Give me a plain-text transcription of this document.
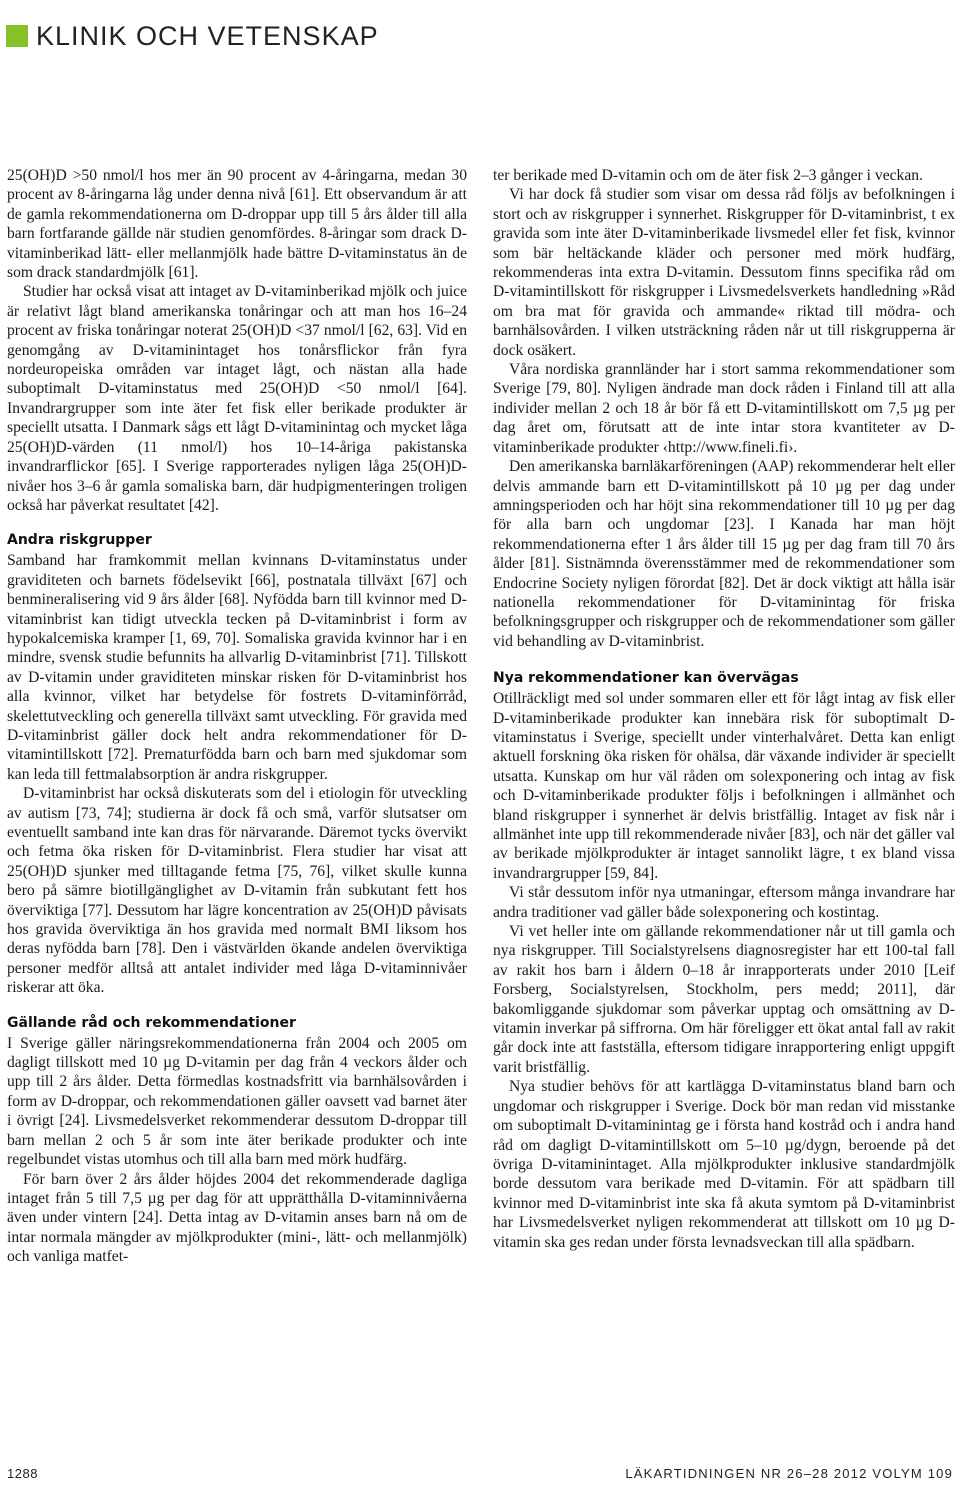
KLINIK OCH VETENSKAP

25(OH)D >50 nmol/l hos mer än 90 procent av 4-åringarna, medan 30 procent av 8-åringarna låg under denna nivå [61]. Ett observandum är att de gamla rekommendationerna om D-droppar upp till 5 års ålder till alla barn fortfarande gällde när studien genomfördes. 8-åringar som drack D-vitaminberikad lätt- eller mellanmjölk hade bättre D-vitaminstatus än de som drack standardmjölk [61].

Studier har också visat att intaget av D-vitaminberikad mjölk och juice är relativt lågt bland amerikanska tonåringar och att man hos 16–24 procent av friska tonåringar noterat 25(OH)D <37 nmol/l [62, 63]. Vid en genomgång av D-vitaminintaget hos tonårsflickor från fyra nordeuropeiska områden var intaget lågt, och nästan alla hade suboptimalt D-vitaminstatus med 25(OH)D <50 nmol/l [64]. Invandrargrupper som inte äter fet fisk eller berikade produkter är speciellt utsatta. I Danmark sågs ett lågt D-vitaminintag och mycket låga 25(OH)D-värden (11 nmol/l) hos 10–14-åriga pakistanska invandrarflickor [65]. I Sverige rapporterades nyligen låga 25(OH)D-nivåer hos 3–6 år gamla somaliska barn, där hudpigmenteringen troligen också har påverkat resultatet [42].

Andra riskgrupper

Samband har framkommit mellan kvinnans D-vitaminstatus under graviditeten och barnets födelsevikt [66], postnatala tillväxt [67] och benmineralisering vid 9 års ålder [68]. Nyfödda barn till kvinnor med D-vitaminbrist kan tidigt utveckla tecken på D-vitaminbrist i form av hypokalcemiska kramper [1, 69, 70]. Somaliska gravida kvinnor har i en mindre, svensk studie befunnits ha allvarlig D-vitaminbrist [71]. Tillskott av D-vitamin under graviditeten minskar risken för D-vitaminbrist hos alla kvinnor, vilket har betydelse för fostrets D-vitaminförråd, skelettutveckling och generella tillväxt samt utveckling. För gravida med D-vitaminbrist gäller dock helt andra rekommendationer för D-vitamintillskott [72]. Prematurfödda barn och barn med sjukdomar som kan leda till fettmalabsorption är andra riskgrupper.

D-vitaminbrist har också diskuterats som del i etiologin för utveckling av autism [73, 74]; studierna är dock få och små, varför slutsatser om eventuellt samband inte kan dras för närvarande. Däremot tycks övervikt och fetma öka risken för D-vitaminbrist. Flera studier har visat att 25(OH)D sjunker med tilltagande fetma [75, 76], vilket skulle kunna bero på sämre biotillgänglighet av D-vitamin från subkutant fett hos överviktiga [77]. Dessutom har lägre koncentration av 25(OH)D påvisats hos gravida överviktiga än hos gravida med normalt BMI liksom hos deras nyfödda barn [78]. Den i västvärlden ökande andelen överviktiga personer medför alltså att antalet individer med låga D-vitaminnivåer riskerar att öka.

Gällande råd och rekommendationer

I Sverige gäller näringsrekommendationerna från 2004 och 2005 om dagligt tillskott med 10 µg D-vitamin per dag från 4 veckors ålder och upp till 2 års ålder. Detta förmedlas kostnadsfritt via barnhälsovården i form av D-droppar, och rekommendationen gäller oavsett vad barnet äter i övrigt [24]. Livsmedelsverket rekommenderar dessutom D-droppar till barn mellan 2 och 5 år som inte äter berikade produkter och inte regelbundet vistas utomhus och till alla barn med mörk hudfärg.

För barn över 2 års ålder höjdes 2004 det rekommenderade dagliga intaget från 5 till 7,5 µg per dag för att upprätthålla D-vitaminnivåerna även under vintern [24]. Detta intag av D-vitamin anses barn nå om de intar normala mängder av mjölkprodukter (mini-, lätt- och mellanmjölk) och vanliga matfet-

ter berikade med D-vitamin och om de äter fisk 2–3 gånger i veckan.

Vi har dock få studier som visar om dessa råd följs av befolkningen i stort och av riskgrupper i synnerhet. Riskgrupper för D-vitaminbrist, t ex gravida som inte äter D-vitaminberikade livsmedel eller fet fisk, kvinnor som bär heltäckande kläder och personer med mörk hudfärg, rekommenderas inta extra D-vitamin. Dessutom finns specifika råd om D-vitamintillskott för riskgrupper i Livsmedelsverkets handledning »Råd om bra mat för gravida och ammande« riktad till mödra- och barnhälsovården. I vilken utsträckning råden når ut till riskgrupperna är dock osäkert.

Våra nordiska grannländer har i stort samma rekommendationer som Sverige [79, 80]. Nyligen ändrade man dock råden i Finland till att alla individer mellan 2 och 18 år bör få ett D-vitamintillskott om 7,5 µg per dag året om, förutsatt att de inte intar stora kvantiteter av D-vitaminberikade produkter ‹http://www.fineli.fi›.

Den amerikanska barnläkarföreningen (AAP) rekommenderar helt eller delvis ammande barn ett D-vitamintillskott på 10 µg per dag under amningsperioden och har höjt sina rekommendationer till 10 µg per dag för alla barn och ungdomar [23]. I Kanada har man höjt rekommendationerna efter 1 års ålder till 15 µg per dag fram till 70 års ålder [81]. Sistnämnda överensstämmer med de rekommendationer som Endocrine Society nyligen förordat [82]. Det är dock viktigt att hålla isär nationella rekommendationer för D-vitaminintag för friska befolkningsgrupper och riskgrupper och de rekommendationer som gäller vid behandling av D-vitaminbrist.

Nya rekommendationer kan övervägas

Otillräckligt med sol under sommaren eller ett för lågt intag av fisk eller D-vitaminberikade produkter kan innebära risk för suboptimalt D-vitaminstatus i Sverige, speciellt under vinterhalvåret. Detta kan enligt aktuell forskning öka risken för ohälsa, där växande individer är speciellt utsatta. Kunskap om hur väl råden om solexponering och intag av fisk och D-vitaminberikade produkter följs i befolkningen i allmänhet och bland riskgrupper i synnerhet är delvis bristfällig. Intaget av fisk når i allmänhet inte upp till rekommenderade nivåer [83], och när det gäller val av berikade mjölkprodukter är intaget sannolikt lägre, t ex bland vissa invandrargrupper [59, 84].

Vi står dessutom inför nya utmaningar, eftersom många invandrare har andra traditioner vad gäller både solexponering och kostintag.

Vi vet heller inte om gällande rekommendationer når ut till gamla och nya riskgrupper. Till Socialstyrelsens diagnosregister har ett 100-tal fall av rakit hos barn i åldern 0–18 år inrapporterats under 2010 [Leif Forsberg, Socialstyrelsen, Stockholm, pers medd; 2011], där bakomliggande sjukdomar som påverkar upptag och omsättning av D-vitamin inverkar på siffrorna. Om här föreligger ett ökat antal fall av rakit går dock inte att fastställa, eftersom tidigare inrapportering enligt uppgift varit bristfällig.

Nya studier behövs för att kartlägga D-vitaminstatus bland barn och ungdomar och riskgrupper i Sverige. Dock bör man redan vid misstanke om suboptimalt D-vitaminintag ge i första hand kostråd och i andra hand råd om dagligt D-vitamintillskott om 5–10 µg/dygn, beroende på det övriga D-vitaminintaget. Alla mjölkprodukter inklusive standardmjölk borde dessutom vara berikade med D-vitamin. För att spädbarn till kvinnor med D-vitaminbrist inte ska få akuta symtom på D-vitaminbrist har Livsmedelsverket nyligen rekommenderat att tillskott om 10 µg D-vitamin ska ges redan under första levnadsveckan till alla spädbarn.

1288	LÄKARTIDNINGEN NR 26–28 2012 VOLYM 109
